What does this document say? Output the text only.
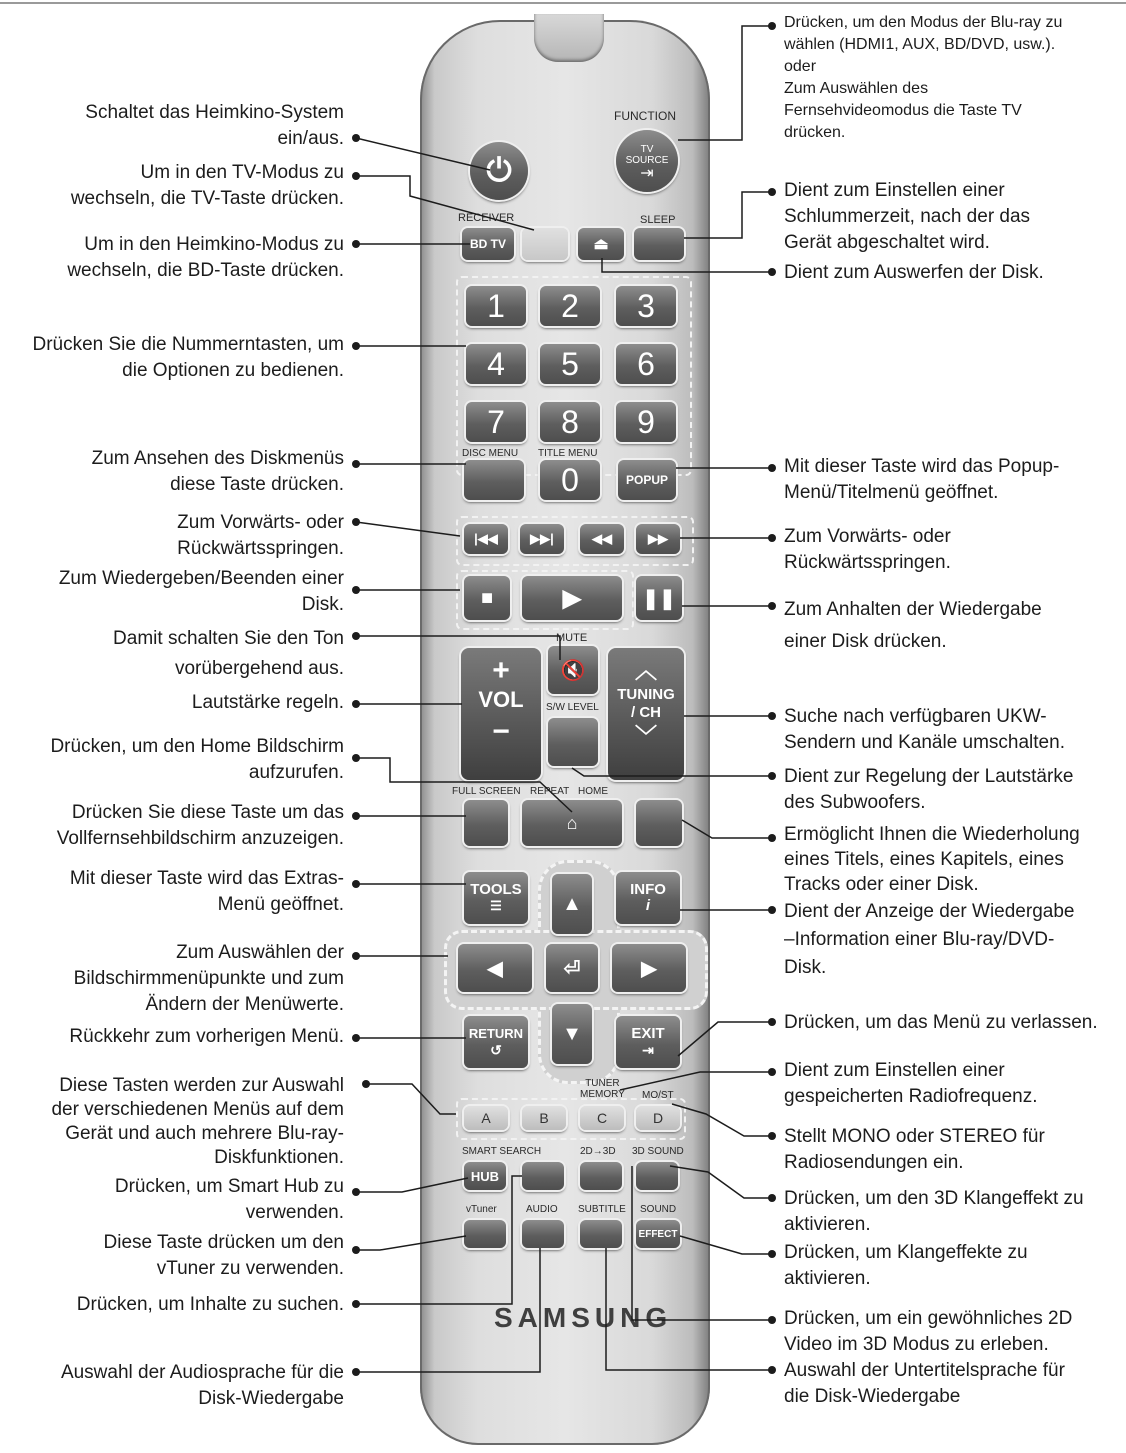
⏻
FUNCTION
TV
SOURCE
⇥
RECEIVER
BD TV	⏏
SLEEP
1	2	3
4	5	6
7	8	9
DISC MENU TITLE MENU
0	POPUP
|◀◀ ▶▶|	◀◀	▶▶
■	▶	❚❚
MUTE
🔇
+
VOL
−
︿
TUNING
/ CH
﹀
S/W LEVEL
FULL SCREEN REPEAT HOME
⌂
▲
◀	⏎	▶
▼
TOOLS
☰
INFO
i
RETURN
↺
EXIT
⇥
TUNER
MEMORY MO/ST
A	B	C	D
SMART SEARCH	2D→3D 3D SOUND
HUB
vTuner	AUDIO SUBTITLE SOUND
EFFECT
SAMSUNG
Schaltet das Heimkino-System
ein/aus.
Um in den TV-Modus zu
wechseln, die TV-Taste drücken.
Um in den Heimkino-Modus zu
wechseln, die BD-Taste drücken.
Drücken Sie die Nummerntasten, um
die Optionen zu bedienen.
Zum Ansehen des Diskmenüs
diese Taste drücken.
Zum Vorwärts- oder
Rückwärtsspringen.
Zum Wiedergeben/Beenden einer
Disk.
Damit schalten Sie den Ton
vorübergehend aus.
Lautstärke regeln.
Drücken, um den Home Bildschirm
aufzurufen.
Drücken Sie diese Taste um das
Vollfernsehbildschirm anzuzeigen.
Mit dieser Taste wird das Extras-
Menü geöffnet.
Zum Auswählen der
Bildschirmmenüpunkte und zum
Ändern der Menüwerte.
Rückkehr zum vorherigen Menü.
Diese Tasten werden zur Auswahl
der verschiedenen Menüs auf dem
Gerät und auch mehrere Blu-ray-
Diskfunktionen.
Drücken, um Smart Hub zu
verwenden.
Diese Taste drücken um den
vTuner zu verwenden.
Drücken, um Inhalte zu suchen.
Auswahl der Audiosprache für die
Disk-Wiedergabe
Drücken, um den Modus der Blu-ray zu
wählen (HDMI1, AUX, BD/DVD, usw.).
oder
Zum Auswählen des
Fernsehvideomodus die Taste TV
drücken.
Dient zum Einstellen einer
Schlummerzeit, nach der das
Gerät abgeschaltet wird.
Dient zum Auswerfen der Disk.
Mit dieser Taste wird das Popup-
Menü/Titelmenü geöffnet.
Zum Vorwärts- oder
Rückwärtsspringen.
Zum Anhalten der Wiedergabe
einer Disk drücken.
Suche nach verfügbaren UKW-
Sendern und Kanäle umschalten.
Dient zur Regelung der Lautstärke
des Subwoofers.
Ermöglicht Ihnen die Wiederholung
eines Titels, eines Kapitels, eines
Tracks oder einer Disk.
Dient der Anzeige der Wiedergabe
–Information einer Blu-ray/DVD-
Disk.
Drücken, um das Menü zu verlassen.
Dient zum Einstellen einer
gespeicherten Radiofrequenz.
Stellt MONO oder STEREO für
Radiosendungen ein.
Drücken, um den 3D Klangeffekt zu
aktivieren.
Drücken, um Klangeffekte zu
aktivieren.
Drücken, um ein gewöhnliches 2D
Video im 3D Modus zu erleben.
Auswahl der Untertitelsprache für
die Disk-Wiedergabe
